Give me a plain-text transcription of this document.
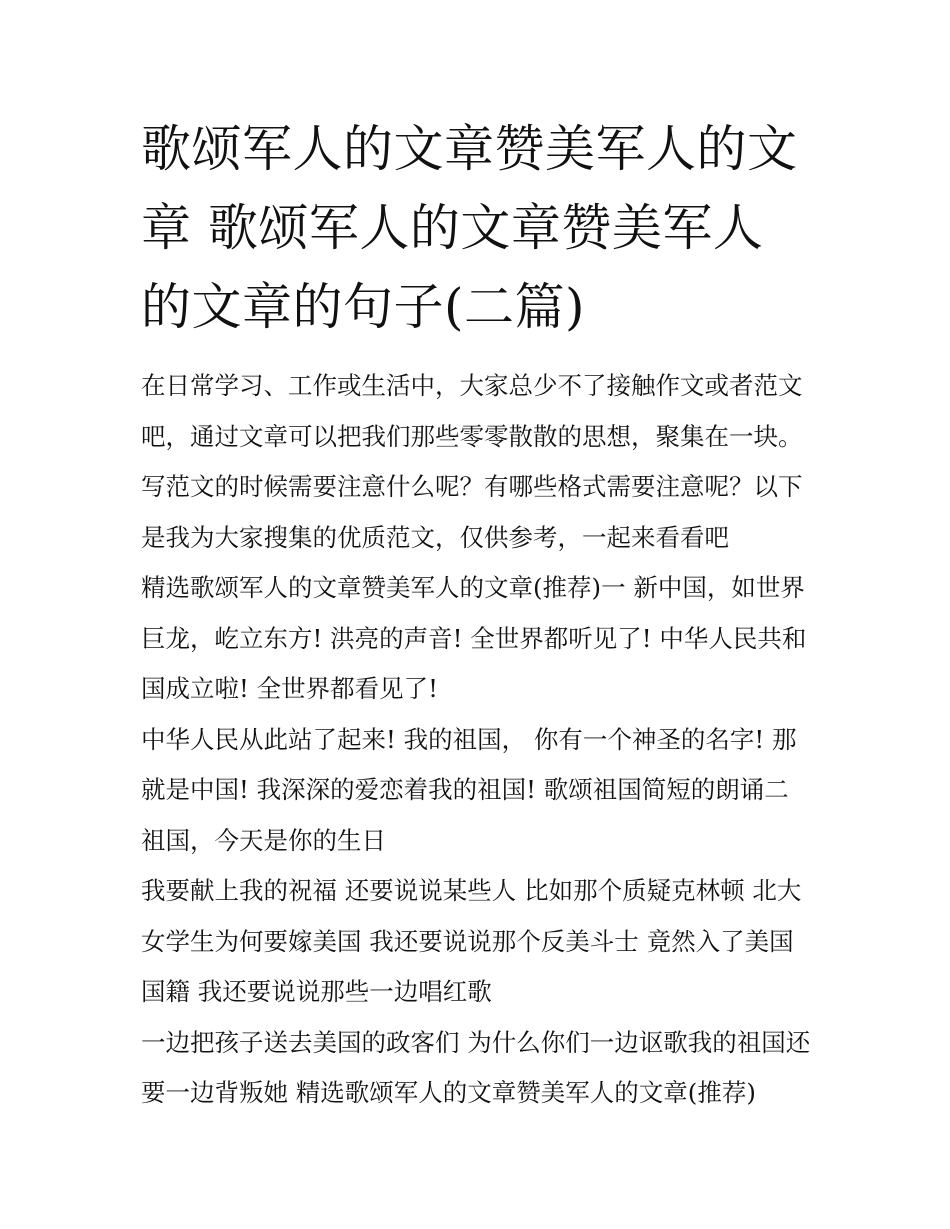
歌颂军人的文章赞美军人的文章 歌颂军人的文章赞美军人的文章的句子(二篇)

在日常学习、工作或生活中，大家总少不了接触作文或者范文吧，通过文章可以把我们那些零零散散的思想，聚集在一块。写范文的时候需要注意什么呢？有哪些格式需要注意呢？以下是我为大家搜集的优质范文，仅供参考，一起来看看吧

精选歌颂军人的文章赞美军人的文章(推荐)一 新中国，如世界巨龙，屹立东方! 洪亮的声音! 全世界都听见了! 中华人民共和国成立啦! 全世界都看见了!

中华人民从此站了起来! 我的祖国， 你有一个神圣的名字! 那就是中国! 我深深的爱恋着我的祖国! 歌颂祖国简短的朗诵二 祖国，今天是你的生日

我要献上我的祝福 还要说说某些人 比如那个质疑克林顿 北大女学生为何要嫁美国 我还要说说那个反美斗士 竟然入了美国国籍 我还要说说那些一边唱红歌

一边把孩子送去美国的政客们 为什么你们一边讴歌我的祖国还要一边背叛她 精选歌颂军人的文章赞美军人的文章(推荐)
